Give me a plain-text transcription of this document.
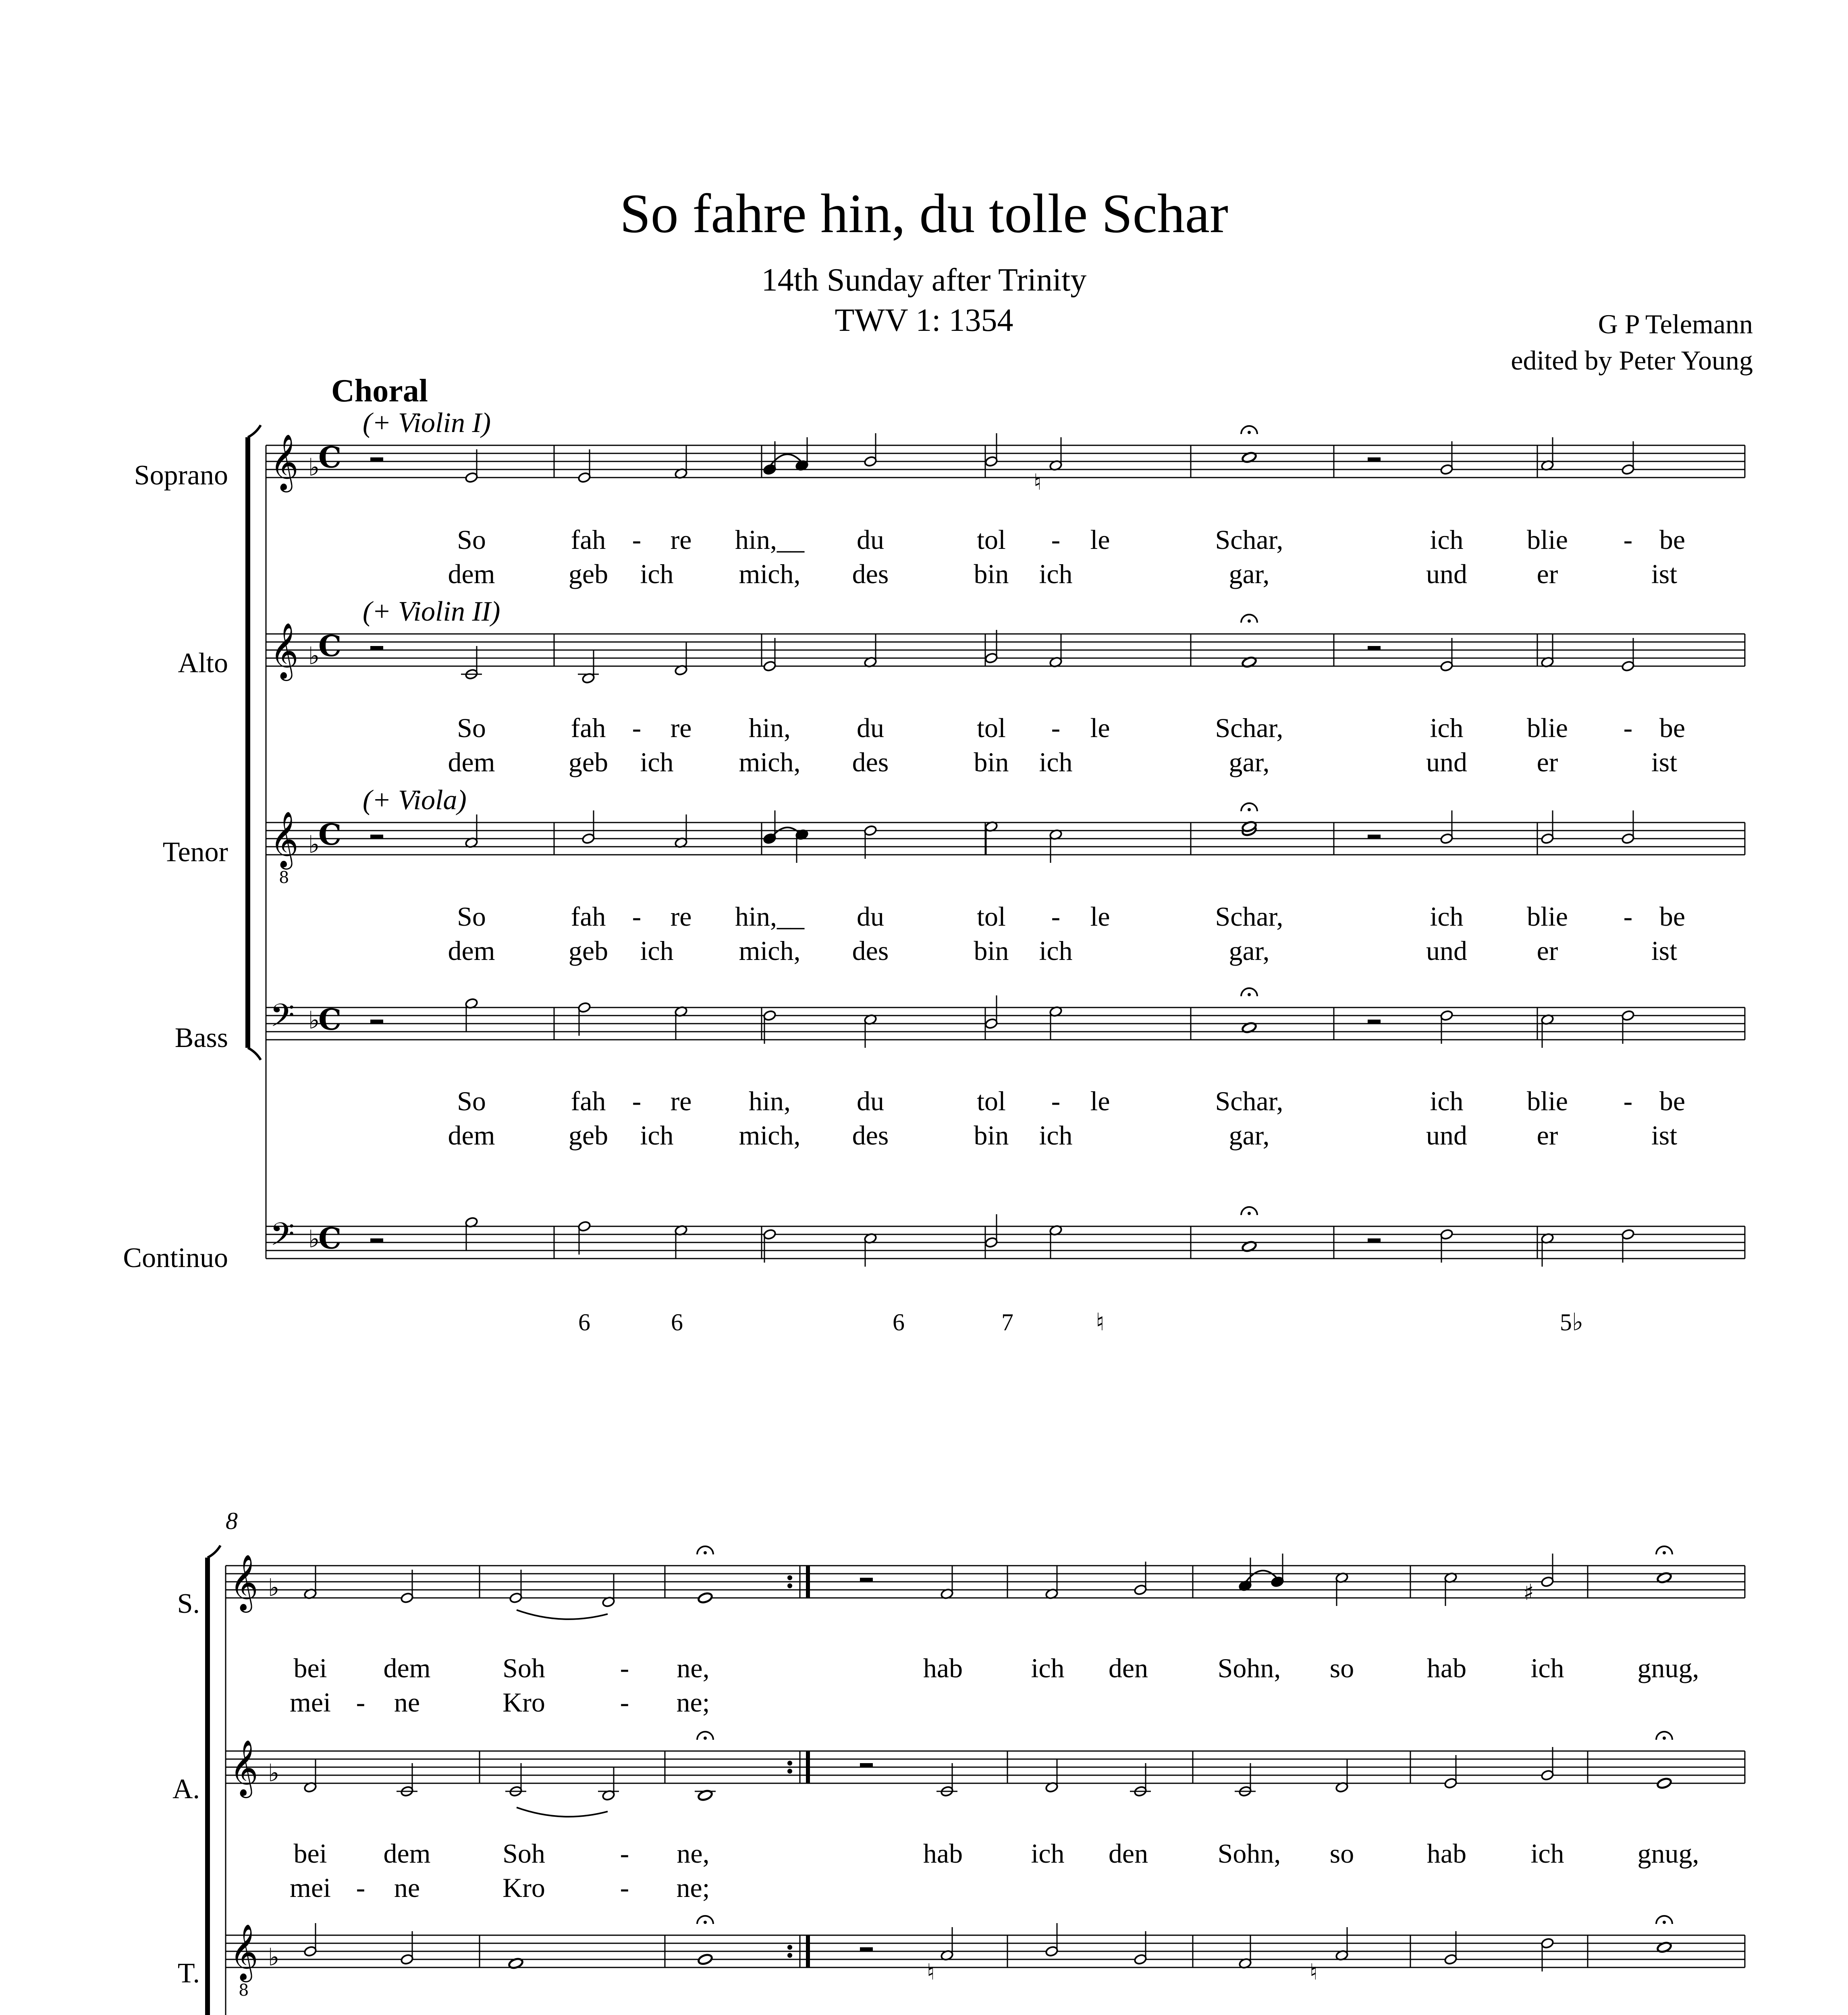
So fahre hin, du tolle Schar
14th Sunday after Trinity
TWV 1: 1354	G P Telemann
edited by Peter Young
Choral
(+ Violin I)
(+ Violin II)
(+ Viola)
Soprano
Alto
Tenor
Bass
Continuo
S.
A.
T.
8
So	fah - re hin,__ du	tol - le	Schar,	ich blie - be
dem	geb ich mich, des	bin ich	gar,	und	er	ist
So	fah - re hin, du	tol - le	Schar,	ich blie - be
dem	geb ich mich, des	bin ich	gar,	und	er	ist
So	fah - re hin,__ du	tol - le	Schar,	ich blie - be
dem	geb ich mich, des	bin ich	gar,	und	er	ist
So	fah - re hin, du	tol - le	Schar,	ich blie - be
dem	geb ich mich, des	bin ich	gar,	und	er	ist
bei dem	Soh	- ne,	hab ich den	Sohn, so	hab ich	gnug,
mei - ne	Kro	- ne;
bei dem	Soh	- ne,	hab ich den	Sohn, so	hab ich	gnug,
mei - ne	Kro	- ne;
6	6	6	7	♮	5♭
𝄞 ♭
C
𝄞 ♭
C
𝄞
8
♭
C
𝄢 ♭
C
𝄢 ♭
C
♮
𝄞 ♭
𝄞 ♭
𝄞
8
♭
♯
♮	♮
